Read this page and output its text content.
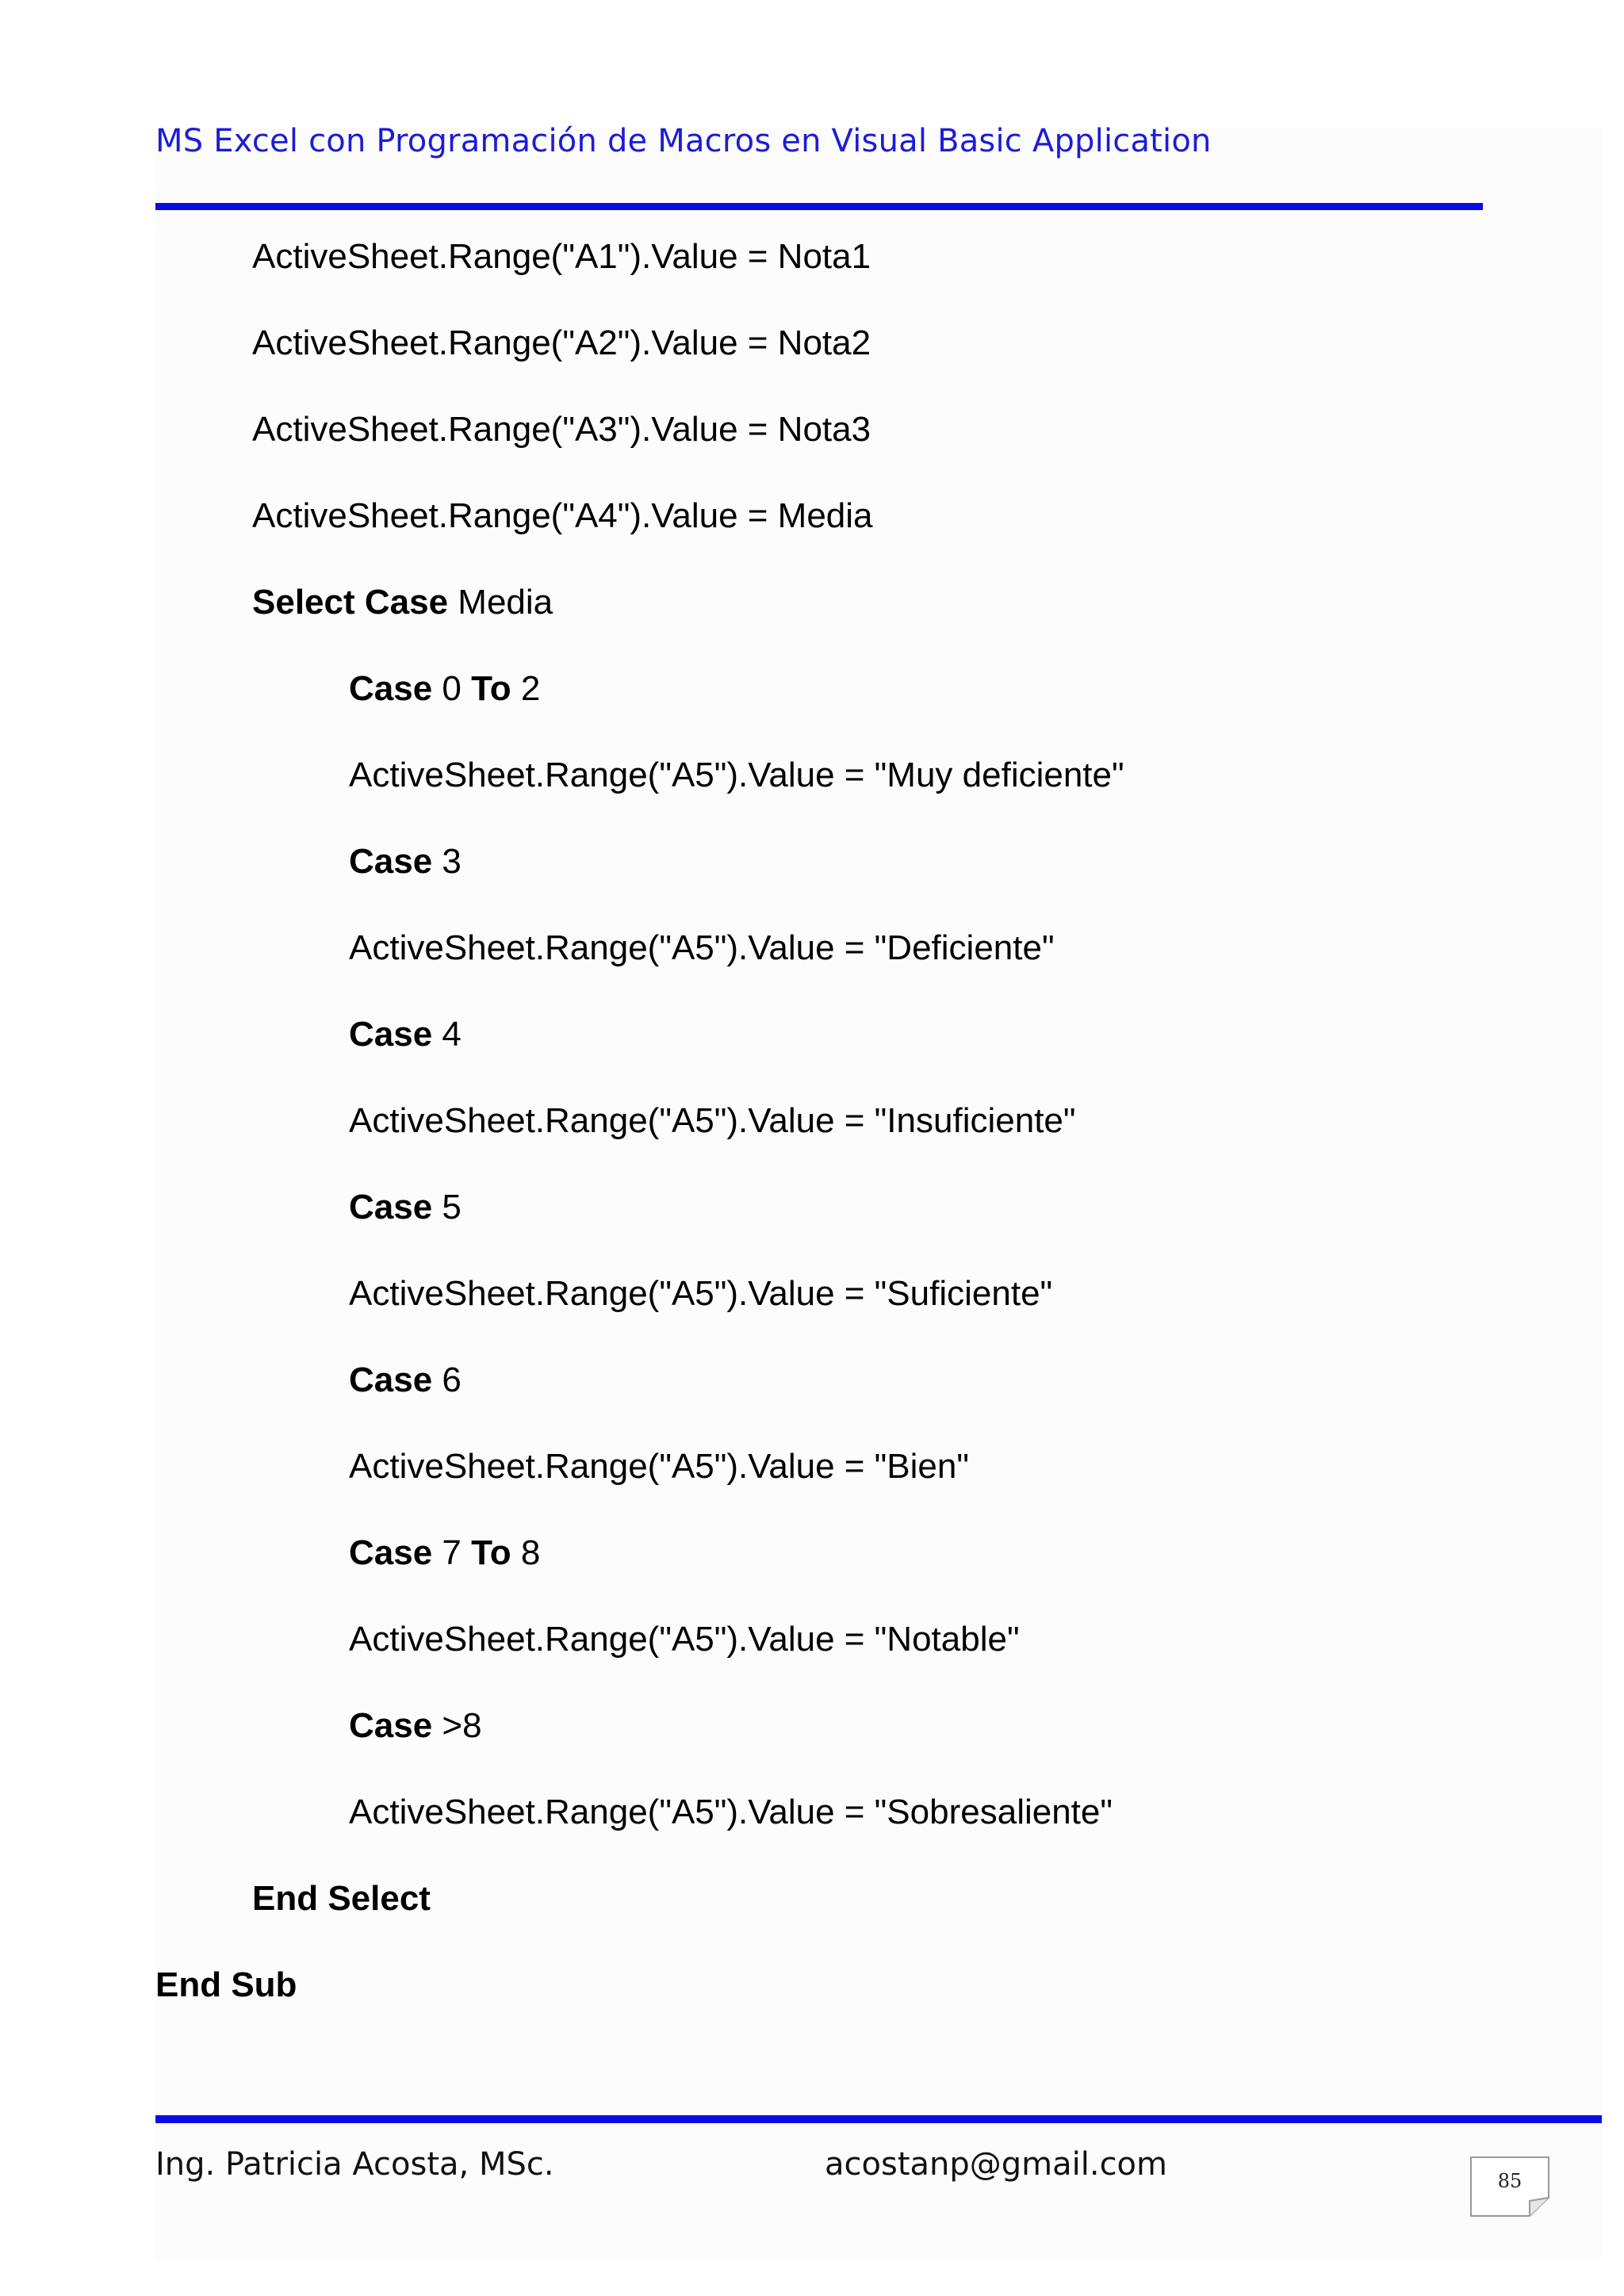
MS Excel con Programación de Macros en Visual Basic Application
ActiveSheet.Range("A1").Value = Nota1
ActiveSheet.Range("A2").Value = Nota2
ActiveSheet.Range("A3").Value = Nota3
ActiveSheet.Range("A4").Value = Media
Select Case Media
Case 0 To 2
ActiveSheet.Range("A5").Value = "Muy deficiente"
Case 3
ActiveSheet.Range("A5").Value = "Deficiente"
Case 4
ActiveSheet.Range("A5").Value = "Insuficiente"
Case 5
ActiveSheet.Range("A5").Value = "Suficiente"
Case 6
ActiveSheet.Range("A5").Value = "Bien"
Case 7 To 8
ActiveSheet.Range("A5").Value = "Notable"
Case >8
ActiveSheet.Range("A5").Value = "Sobresaliente"
End Select
End Sub
Ing. Patricia Acosta, MSc.	acostanp@gmail.com	85
